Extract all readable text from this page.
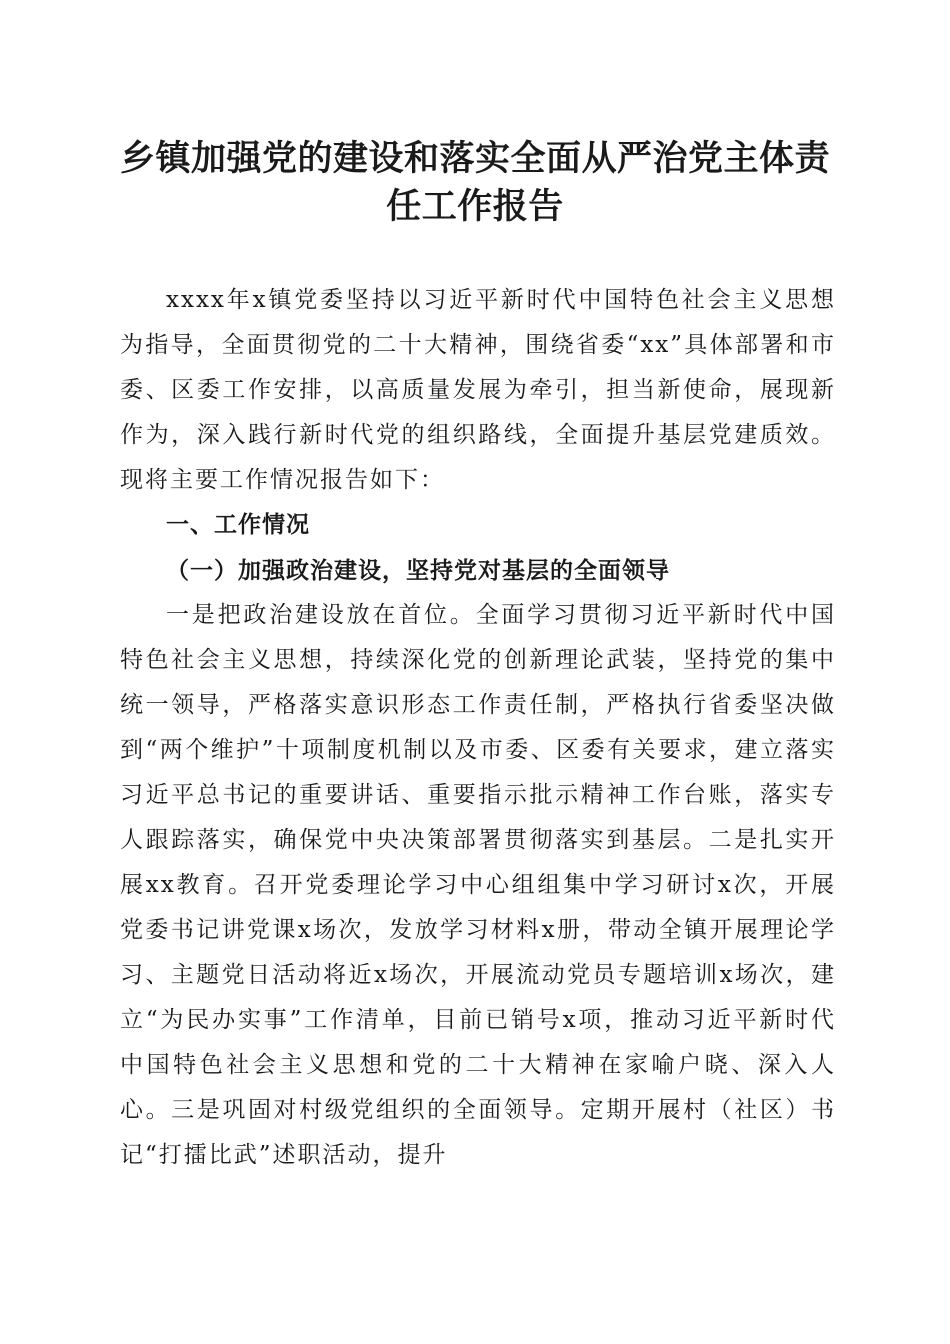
乡镇加强党的建设和落实全面从严治党主体责任工作报告

xxxx年x镇党委坚持以习近平新时代中国特色社会主义思想为指导，全面贯彻党的二十大精神，围绕省委“xx”具体部署和市委、区委工作安排，以高质量发展为牵引，担当新使命，展现新作为，深入践行新时代党的组织路线，全面提升基层党建质效。现将主要工作情况报告如下：

一、工作情况

（一）加强政治建设，坚持党对基层的全面领导

一是把政治建设放在首位。全面学习贯彻习近平新时代中国特色社会主义思想，持续深化党的创新理论武装，坚持党的集中统一领导，严格落实意识形态工作责任制，严格执行省委坚决做到“两个维护”十项制度机制以及市委、区委有关要求，建立落实习近平总书记的重要讲话、重要指示批示精神工作台账，落实专人跟踪落实，确保党中央决策部署贯彻落实到基层。二是扎实开展xx教育。召开党委理论学习中心组组集中学习研讨x次，开展党委书记讲党课x场次，发放学习材料x册，带动全镇开展理论学习、主题党日活动将近x场次，开展流动党员专题培训x场次，建立“为民办实事”工作清单，目前已销号x项，推动习近平新时代中国特色社会主义思想和党的二十大精神在家喻户晓、深入人心。三是巩固对村级党组织的全面领导。定期开展村（社区）书记“打擂比武”述职活动，提升
